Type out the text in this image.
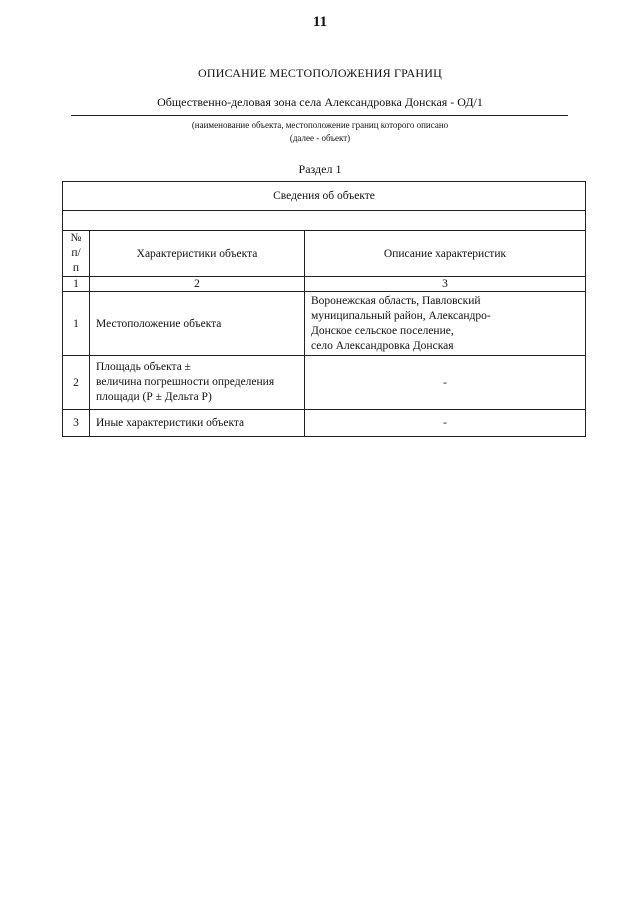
11
ОПИСАНИЕ МЕСТОПОЛОЖЕНИЯ ГРАНИЦ
Общественно-деловая зона села Александровка Донская - ОД/1
(наименование объекта, местоположение границ которого описано
(далее - объект)
Раздел 1
Сведения об объекте		

№
п/п	Характеристики объекта	Описание характеристик
1	2	3
1	Местоположение объекта	Воронежская область, Павловский
муниципальный район, Александро-
Донское сельское поселение,
село Александровка Донская

2	Площадь объекта ±
величина погрешности определения
площади (Р ± Дельта Р)	-
3	Иные характеристики объекта	-
